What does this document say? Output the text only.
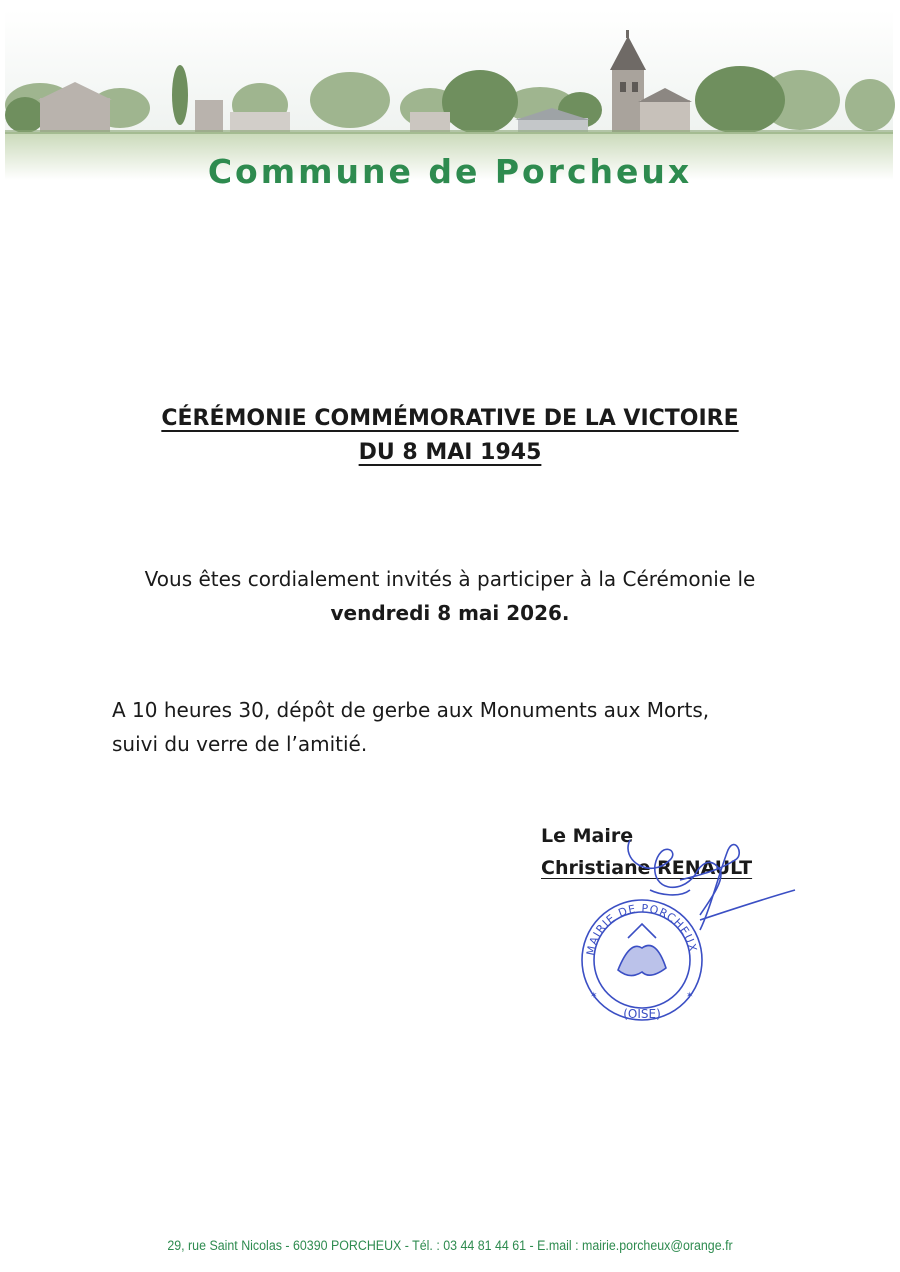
Commune de Porcheux
CÉRÉMONIE COMMÉMORATIVE DE LA VICTOIRE
DU 8 MAI 1945
Vous êtes cordialement invités à participer à la Cérémonie le
vendredi 8 mai 2026.
A 10 heures 30, dépôt de gerbe aux Monuments aux Morts,
suivi du verre de l’amitié.
Le Maire
Christiane RENAULT
✶	✶
MAIRIE DE PORCHEUX
(OISE)
29, rue Saint Nicolas - 60390 PORCHEUX - Tél. : 03 44 81 44 61 - E.mail : mairie.porcheux@orange.fr
